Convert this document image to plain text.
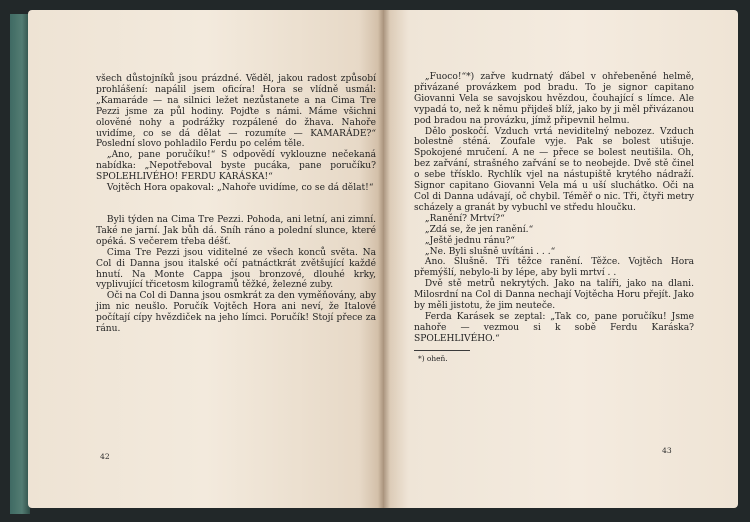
všech důstojníků jsou prázdné. Věděl, jakou radost způsobí prohlášení: napálil jsem oficíra! Hora se vlídně usmál: „Kamaráde — na silnici ležet nezůstanete a na Cima Tre Pezzi jsme za půl hodiny. Pojďte s námi. Máme všichni olověné nohy a podrážky rozpálené do žhava. Nahoře uvidíme, co se dá dělat — rozumíte — KAMARÁDE?“ Poslední slovo pohladilo Ferdu po celém těle.

„Ano, pane poručíku!“ S odpovědí vyklouzne nečekaná nabídka: „Nepotřeboval byste pucáka, pane poručíku? SPOLEHLIVÉHO! FERDU KARÁSKA!“

Vojtěch Hora opakoval: „Nahoře uvidíme, co se dá dělat!“

Byli týden na Cima Tre Pezzi. Pohoda, ani letní, ani zimní. Také ne jarní. Jak bůh dá. Sníh ráno a polední slunce, které opéká. S večerem třeba déšť.

Cima Tre Pezzi jsou viditelné ze všech konců světa. Na Col di Danna jsou italské očí patnáctkrát zvětšující každé hnutí. Na Monte Cappa jsou bronzové, dlouhé krky, vyplivující třicetosm kilogramů těžké, železné zuby.

Oči na Col di Danna jsou osmkrát za den vyměňovány, aby jim nic neušlo. Poručík Vojtěch Hora ani neví, že Italové počítají cípy hvězdiček na jeho límci. Poručík! Stojí přece za ránu.

42

„Fuoco!“*) zařve kudrnatý ďábel v ohřebeněné helmě, přivázané provázkem pod bradu. To je signor capitano Giovanni Vela se savojskou hvězdou, čouhající s límce. Ale vypadá to, než k němu přijdeš blíž, jako by ji měl přivázanou pod bradou na provázku, jímž připevnil helmu.

Dělo poskočí. Vzduch vrtá neviditelný nebozez. Vzduch bolestně sténá. Zoufale vyje. Pak se bolest utišuje. Spokojené mručení. A ne — přece se bolest neutišila. Oh, bez zařvání, strašného zařvání se to neobejde. Dvě stě činel o sebe třísklo. Rychlík vjel na nástupiště krytého nádraží. Signor capitano Giovanni Vela má u uší sluchátko. Oči na Col di Danna udávají, oč chybil. Téměř o nic. Tři, čtyři metry scházely a granát by vybuchl ve středu hloučku.

„Ranění? Mrtví?“

„Zdá se, že jen ranění.“

„Ještě jednu ránu?“

„Ne. Byli slušně uvítáni . . .“

Ano. Slušně. Tři těžce ranění. Těžce. Vojtěch Hora přemýšlí, nebylo-li by lépe, aby byli mrtví . .

Dvě stě metrů nekrytých. Jako na talíři, jako na dlani. Milosrdní na Col di Danna nechají Vojtěcha Horu přejít. Jako by měli jistotu, že jim neuteče.

Ferda Karásek se zeptal: „Tak co, pane poručíku! Jsme nahoře — vezmou si k sobě Ferdu Karáska? SPOLEHLIVÉHO.“

*) oheň.
43
